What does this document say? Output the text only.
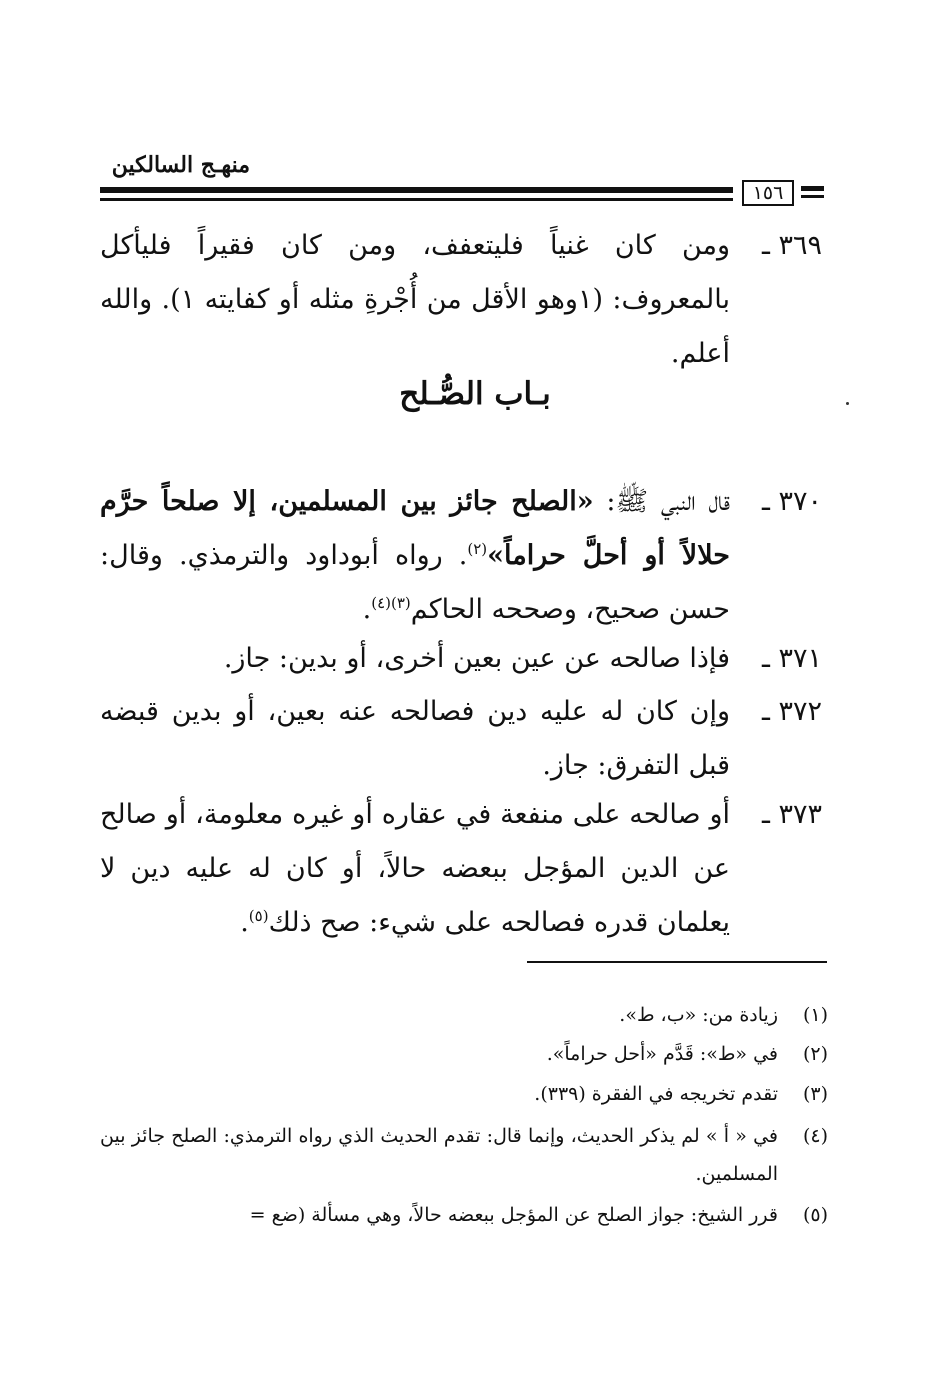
منهـج السالكين
١٥٦
٣٦٩ ـ
ومن كان غنياً فليتعفف، ومن كان فقيراً فليأكل بالمعروف: (١وهو الأقل من أُجْرةِ مثله أو كفايته ١). والله أعلم.
بـاب الصُّـلح
٣٧٠ ـ
قال النبي ﷺ: «الصلح جائز بين المسلمين، إلا صلحاً حرَّم حلالاً أو أحلَّ حراماً»$^{(٢)}$. رواه أبوداود والترمذي. وقال: حسن صحيح، وصححه الحاكم$^{(٣)(٤)}$.
٣٧١ ـ
فإذا صالحه عن عين بعين أخرى، أو بدين: جاز.
٣٧٢ ـ
وإن كان له عليه دين فصالحه عنه بعين، أو بدين قبضه قبل التفرق: جاز.
٣٧٣ ـ
أو صالحه على منفعة في عقاره أو غيره معلومة، أو صالح عن الدين المؤجل ببعضه حالاً، أو كان له عليه دين لا يعلمان قدره فصالحه على شيء: صح ذلك$^{(٥)}$.
(١)
زيادة من: «ب، ط».
(٢)
في «ط»: قَدَّم «أحل حراماً».
(٣)
تقدم تخريجه في الفقرة (٣٣٩).
(٤)
في « أ » لم يذكر الحديث، وإنما قال: تقدم الحديث الذي رواه الترمذي: الصلح جائز بين المسلمين.
(٥)
قرر الشيخ: جواز الصلح عن المؤجل ببعضه حالاً، وهي مسألة (ضع =
